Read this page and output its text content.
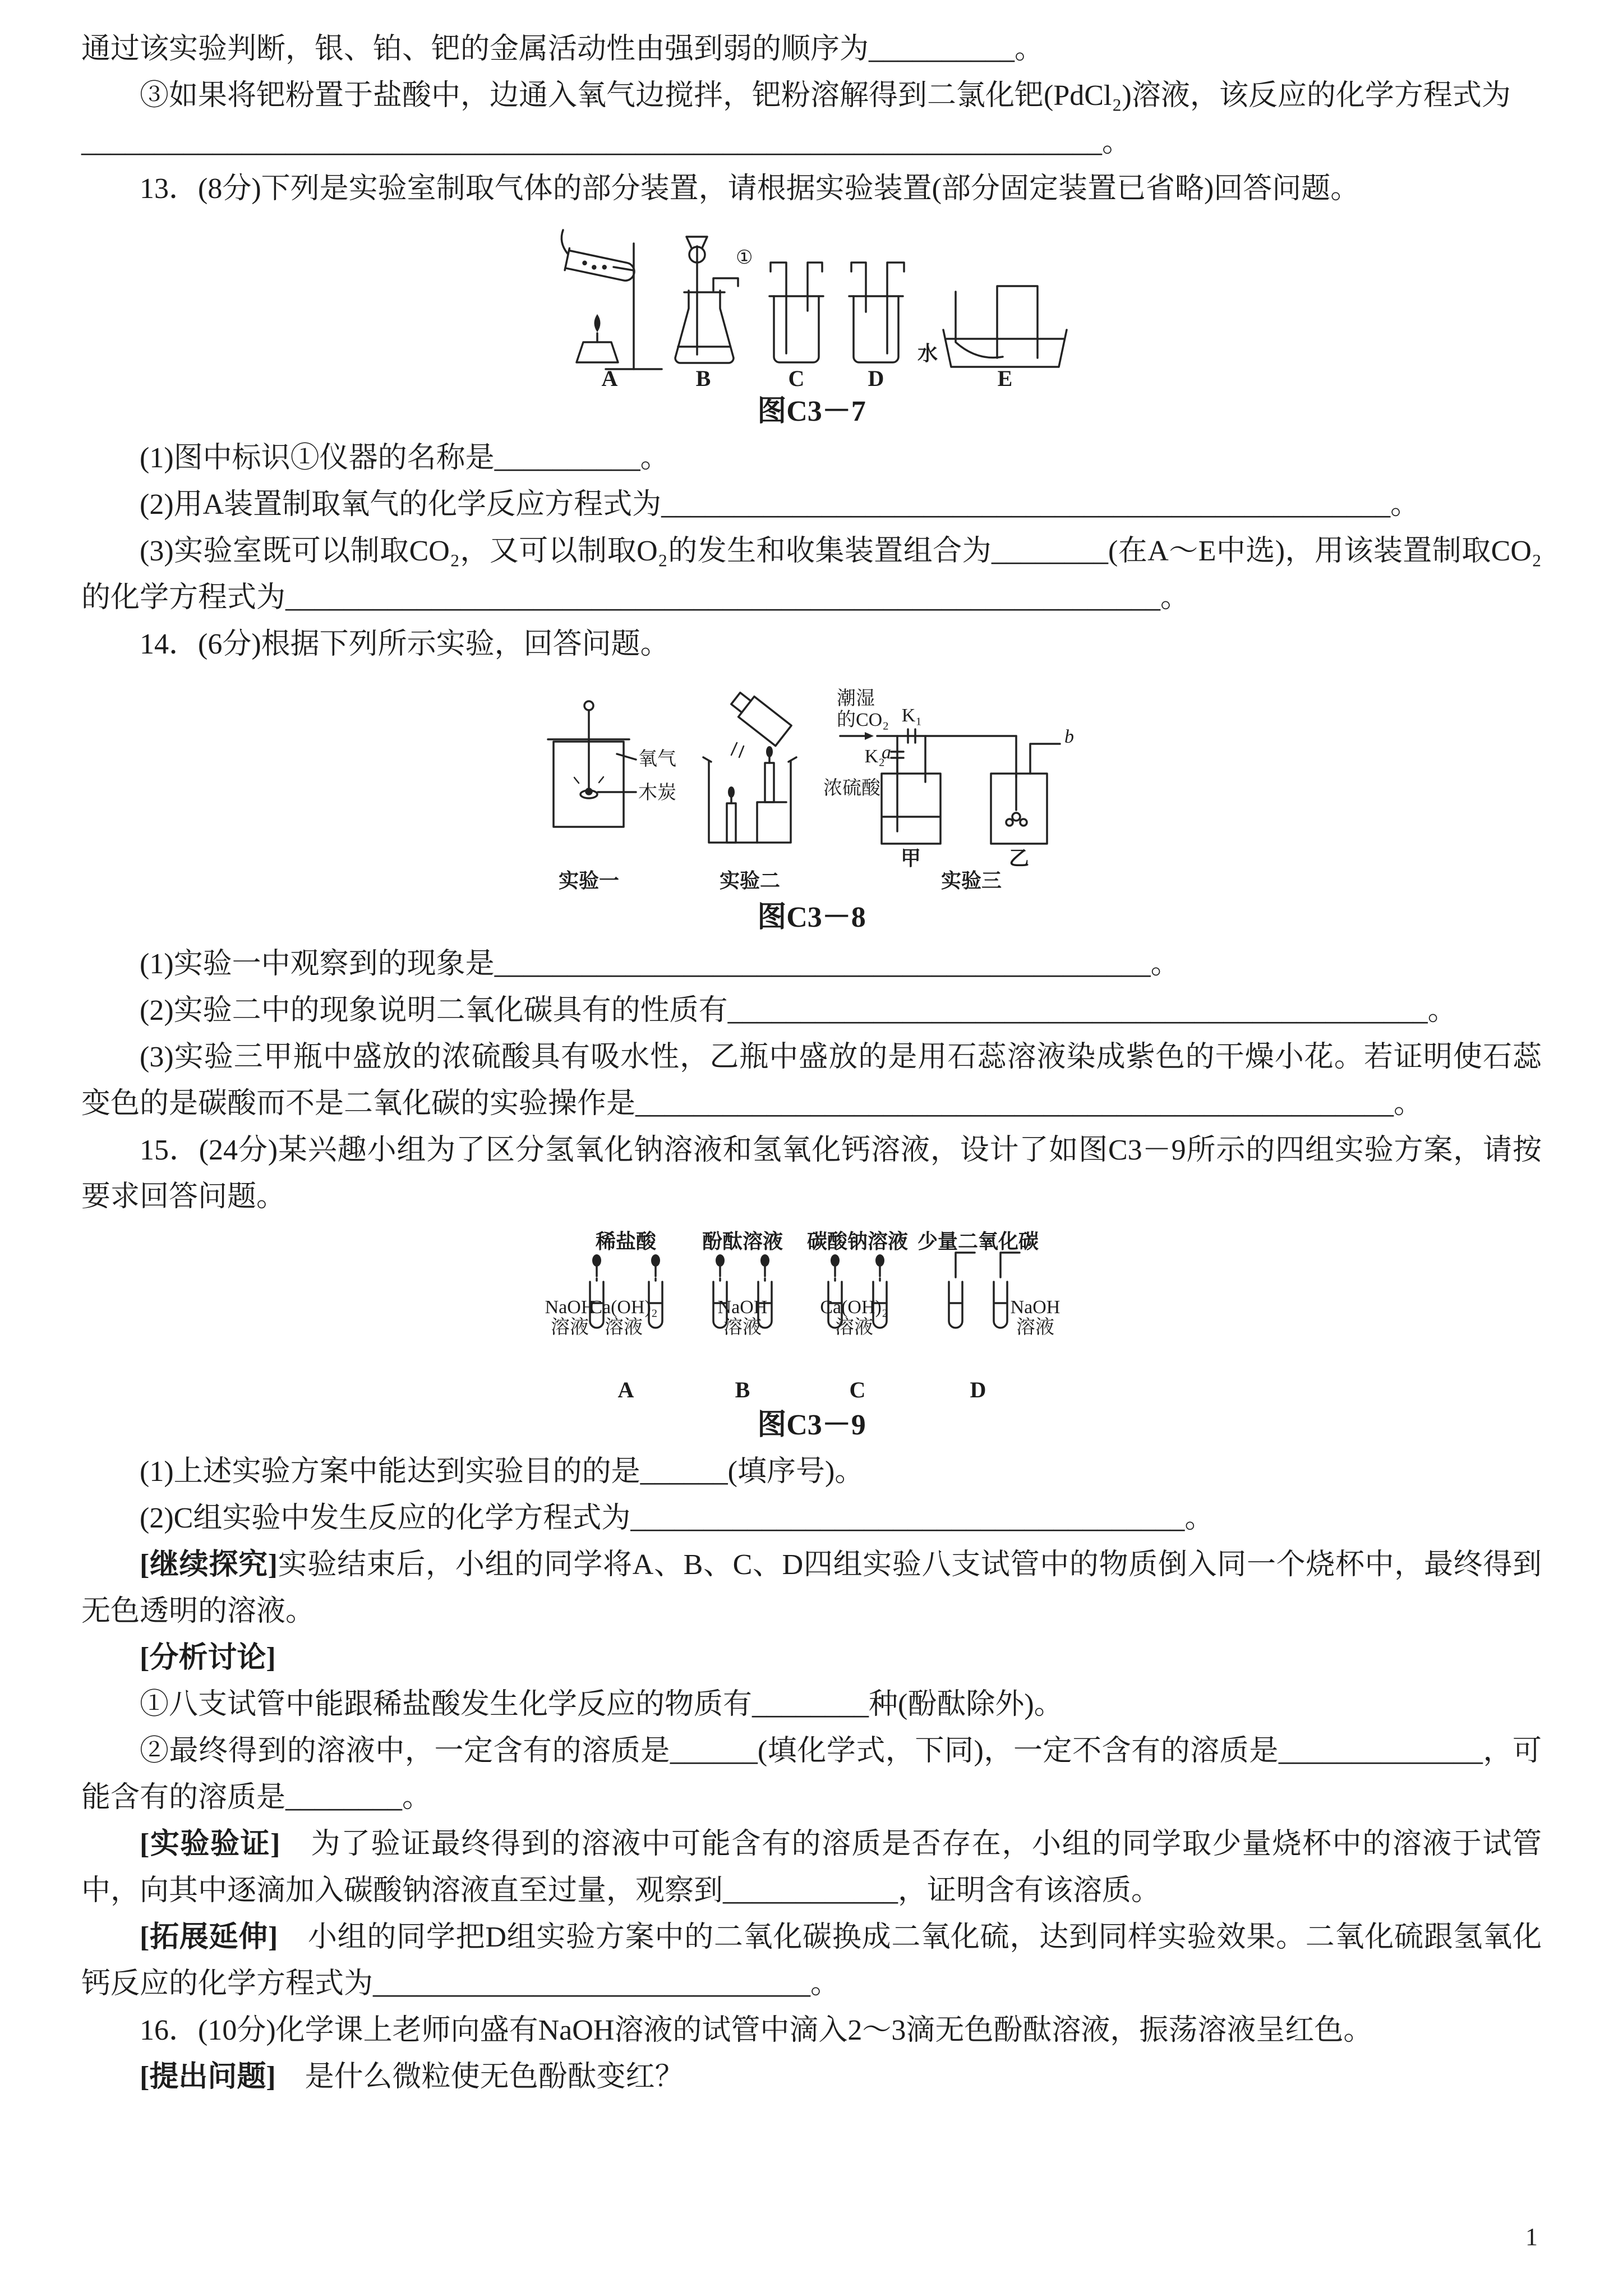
通过该实验判断，银、铂、钯的金属活动性由强到弱的顺序为__________。

③如果将钯粉置于盐酸中，边通入氧气边搅拌，钯粉溶解得到二氯化钯(PdCl₂)溶液，该反应的化学方程式为

______________________________________________________________________。

13．(8分)下列是实验室制取气体的部分装置，请根据实验装置(部分固定装置已省略)回答问题。

①
水
A	B	C	D	E

图C3－7

(1)图中标识①仪器的名称是__________。

(2)用A装置制取氧气的化学反应方程式为__________________________________________________。

(3)实验室既可以制取CO₂，又可以制取O₂的发生和收集装置组合为________(在A～E中选)，用该装置制取CO₂的化学方程式为____________________________________________________________。

14．(6分)根据下列所示实验，回答问题。

氧气
木炭
潮湿
的CO₂
a
K₁
K₂
浓硫酸
b
甲	乙
实验一	实验二	实验三

图C3－8

(1)实验一中观察到的现象是_____________________________________________。

(2)实验二中的现象说明二氧化碳具有的性质有________________________________________________。

(3)实验三甲瓶中盛放的浓硫酸具有吸水性，乙瓶中盛放的是用石蕊溶液染成紫色的干燥小花。若证明使石蕊变色的是碳酸而不是二氧化碳的实验操作是____________________________________________________。

15．(24分)某兴趣小组为了区分氢氧化钠溶液和氢氧化钙溶液，设计了如图C3－9所示的四组实验方案，请按要求回答问题。

稀盐酸 酚酞溶液 碳酸钠溶液 少量二氧化碳
NaOH
溶液
Ca(OH)₂
溶液
NaOH
溶液
Ca(OH)₂
溶液
NaOH
溶液
A	B	C	D

图C3－9

(1)上述实验方案中能达到实验目的的是______(填序号)。

(2)C组实验中发生反应的化学方程式为______________________________________。

[继续探究]实验结束后，小组的同学将A、B、C、D四组实验八支试管中的物质倒入同一个烧杯中，最终得到无色透明的溶液。

[分析讨论]

①八支试管中能跟稀盐酸发生化学反应的物质有________种(酚酞除外)。

②最终得到的溶液中，一定含有的溶质是______(填化学式，下同)，一定不含有的溶质是______________，可能含有的溶质是________。

[实验验证]　为了验证最终得到的溶液中可能含有的溶质是否存在，小组的同学取少量烧杯中的溶液于试管中，向其中逐滴加入碳酸钠溶液直至过量，观察到____________，证明含有该溶质。

[拓展延伸]　小组的同学把D组实验方案中的二氧化碳换成二氧化硫，达到同样实验效果。二氧化硫跟氢氧化钙反应的化学方程式为______________________________。

16．(10分)化学课上老师向盛有NaOH溶液的试管中滴入2～3滴无色酚酞溶液，振荡溶液呈红色。

[提出问题]　是什么微粒使无色酚酞变红？

1
